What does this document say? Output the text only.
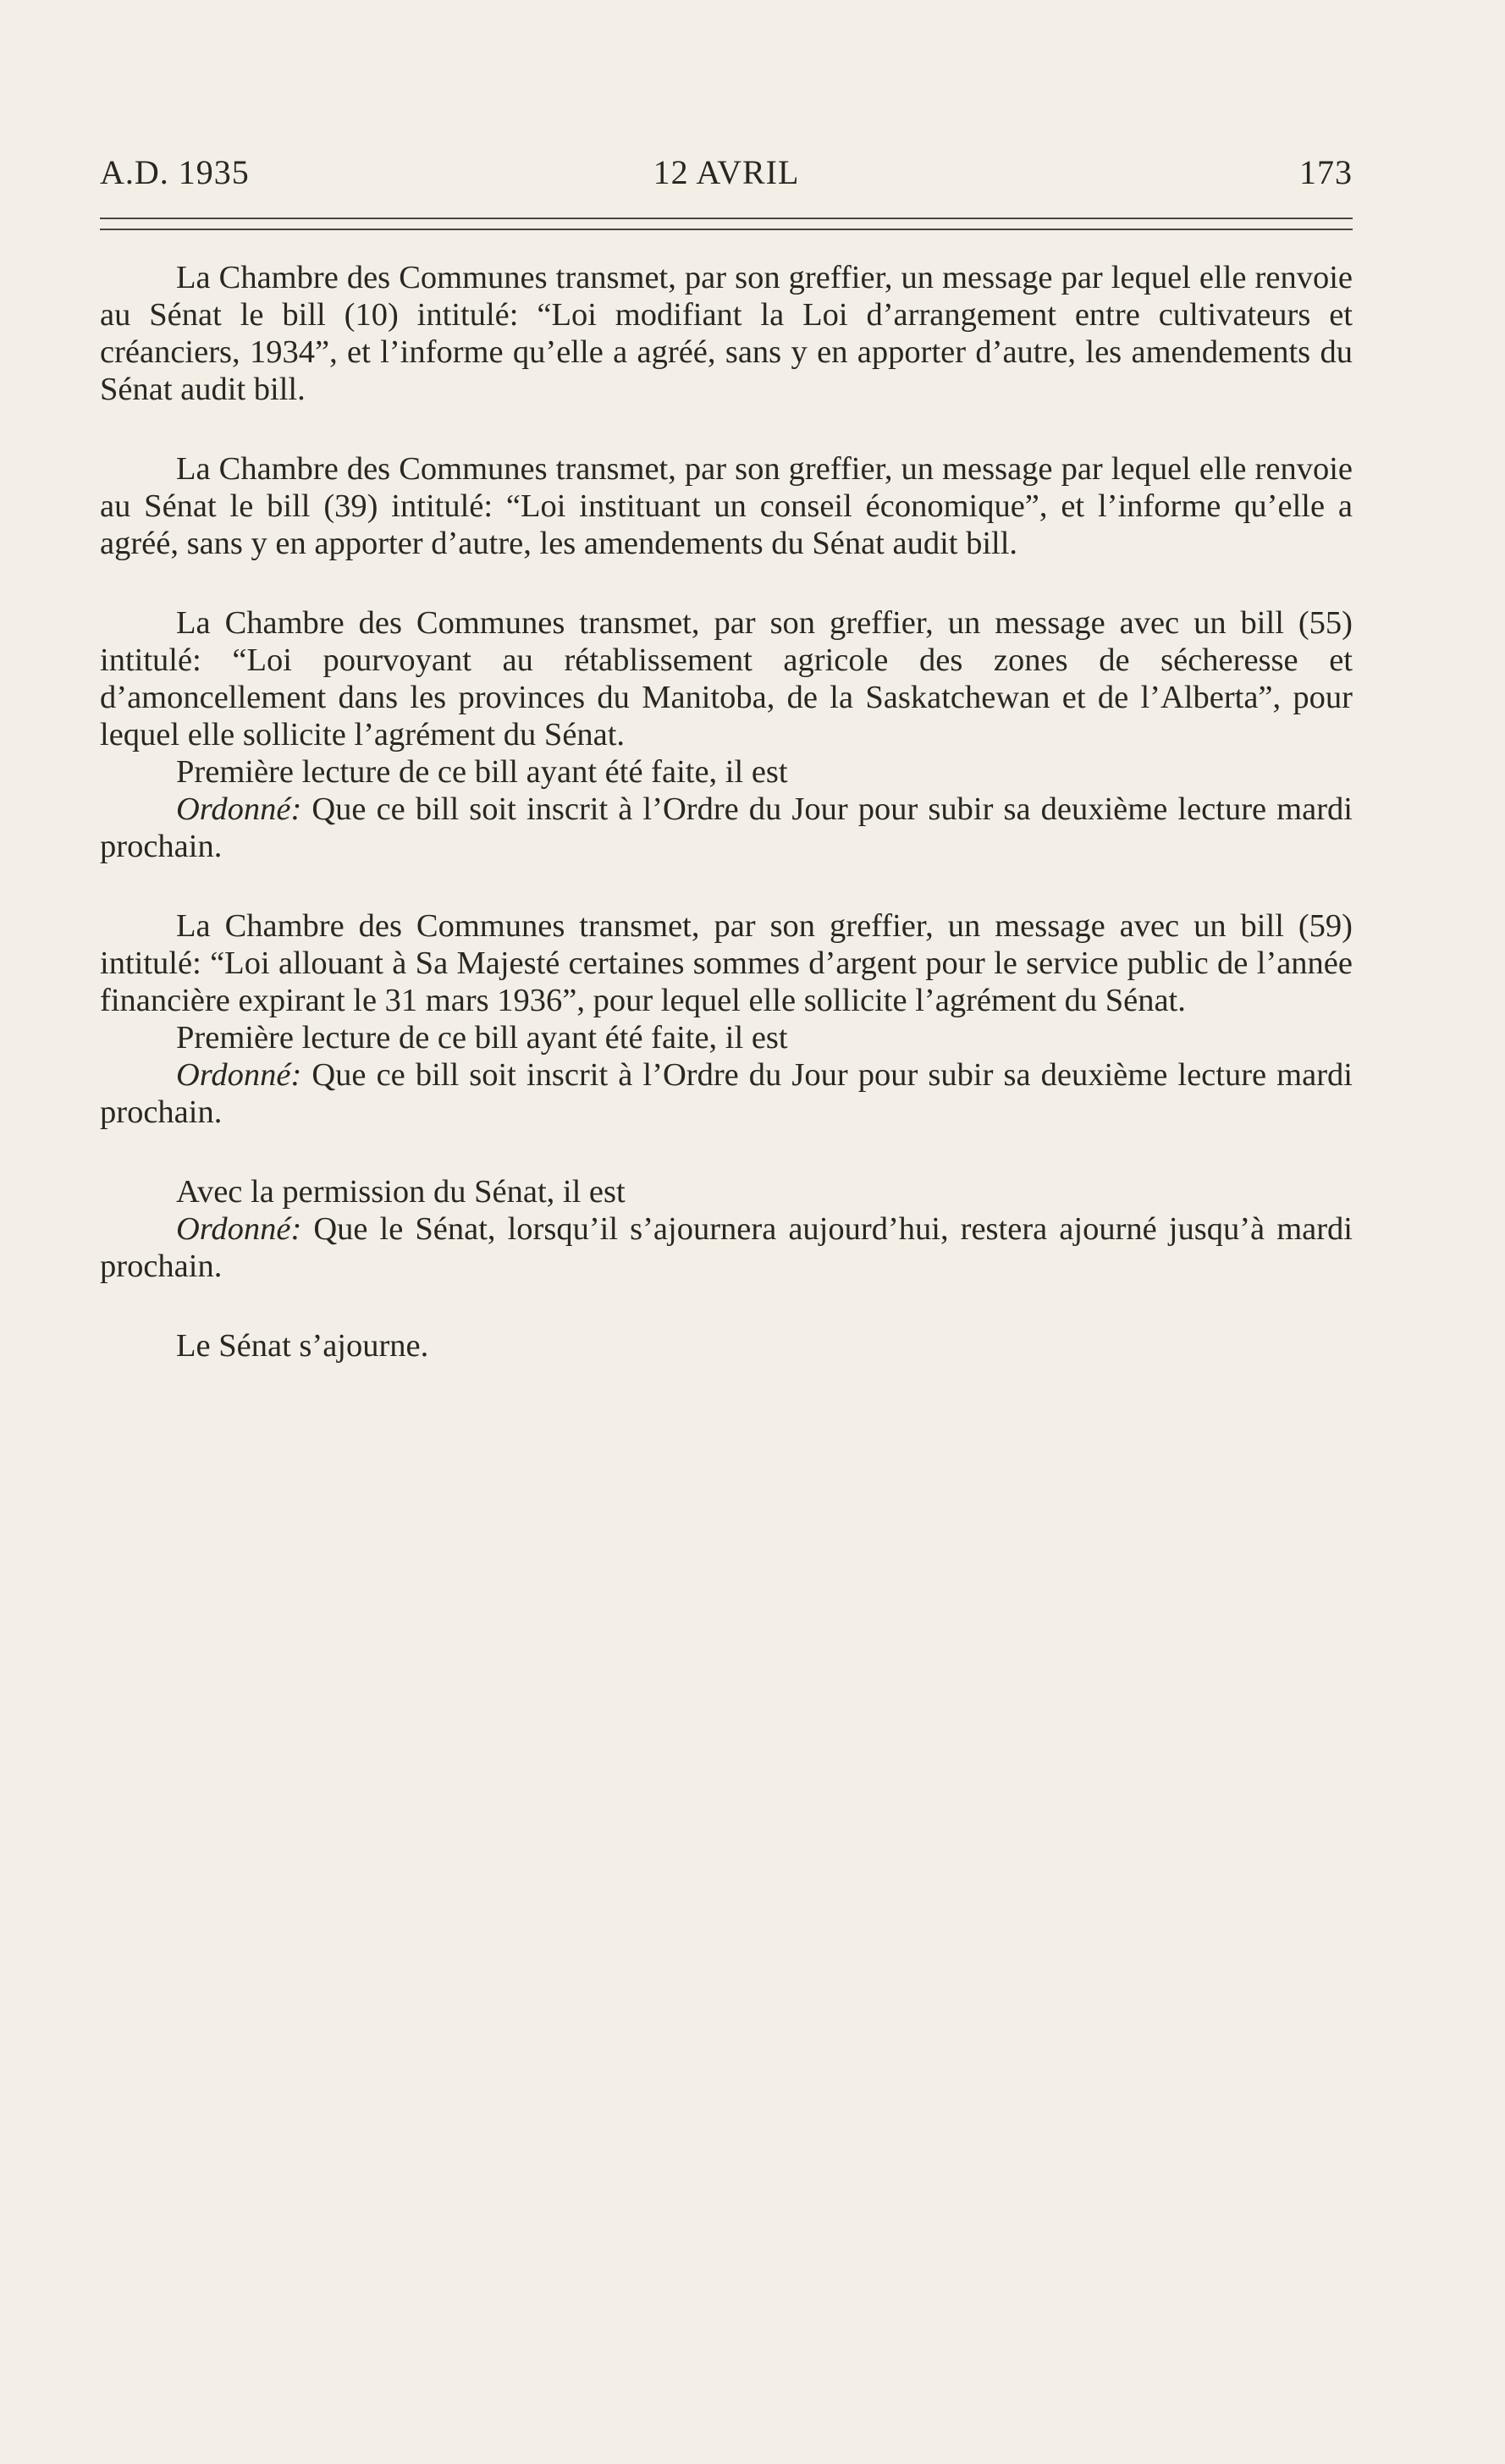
A.D. 1935	12 AVRIL	173

La Chambre des Communes transmet, par son greffier, un message par lequel elle renvoie au Sénat le bill (10) intitulé: “Loi modifiant la Loi d’arrangement entre cultivateurs et créanciers, 1934”, et l’informe qu’elle a agréé, sans y en apporter d’autre, les amendements du Sénat audit bill.

La Chambre des Communes transmet, par son greffier, un message par lequel elle renvoie au Sénat le bill (39) intitulé: “Loi instituant un conseil économique”, et l’informe qu’elle a agréé, sans y en apporter d’autre, les amendements du Sénat audit bill.

La Chambre des Communes transmet, par son greffier, un message avec un bill (55) intitulé: “Loi pourvoyant au rétablissement agricole des zones de sécheresse et d’amoncellement dans les provinces du Manitoba, de la Saskatchewan et de l’Alberta”, pour lequel elle sollicite l’agrément du Sénat.

Première lecture de ce bill ayant été faite, il est

Ordonné: Que ce bill soit inscrit à l’Ordre du Jour pour subir sa deuxième lecture mardi prochain.

La Chambre des Communes transmet, par son greffier, un message avec un bill (59) intitulé: “Loi allouant à Sa Majesté certaines sommes d’argent pour le service public de l’année financière expirant le 31 mars 1936”, pour lequel elle sollicite l’agrément du Sénat.

Première lecture de ce bill ayant été faite, il est

Ordonné: Que ce bill soit inscrit à l’Ordre du Jour pour subir sa deuxième lecture mardi prochain.

Avec la permission du Sénat, il est

Ordonné: Que le Sénat, lorsqu’il s’ajournera aujourd’hui, restera ajourné jusqu’à mardi prochain.

Le Sénat s’ajourne.
